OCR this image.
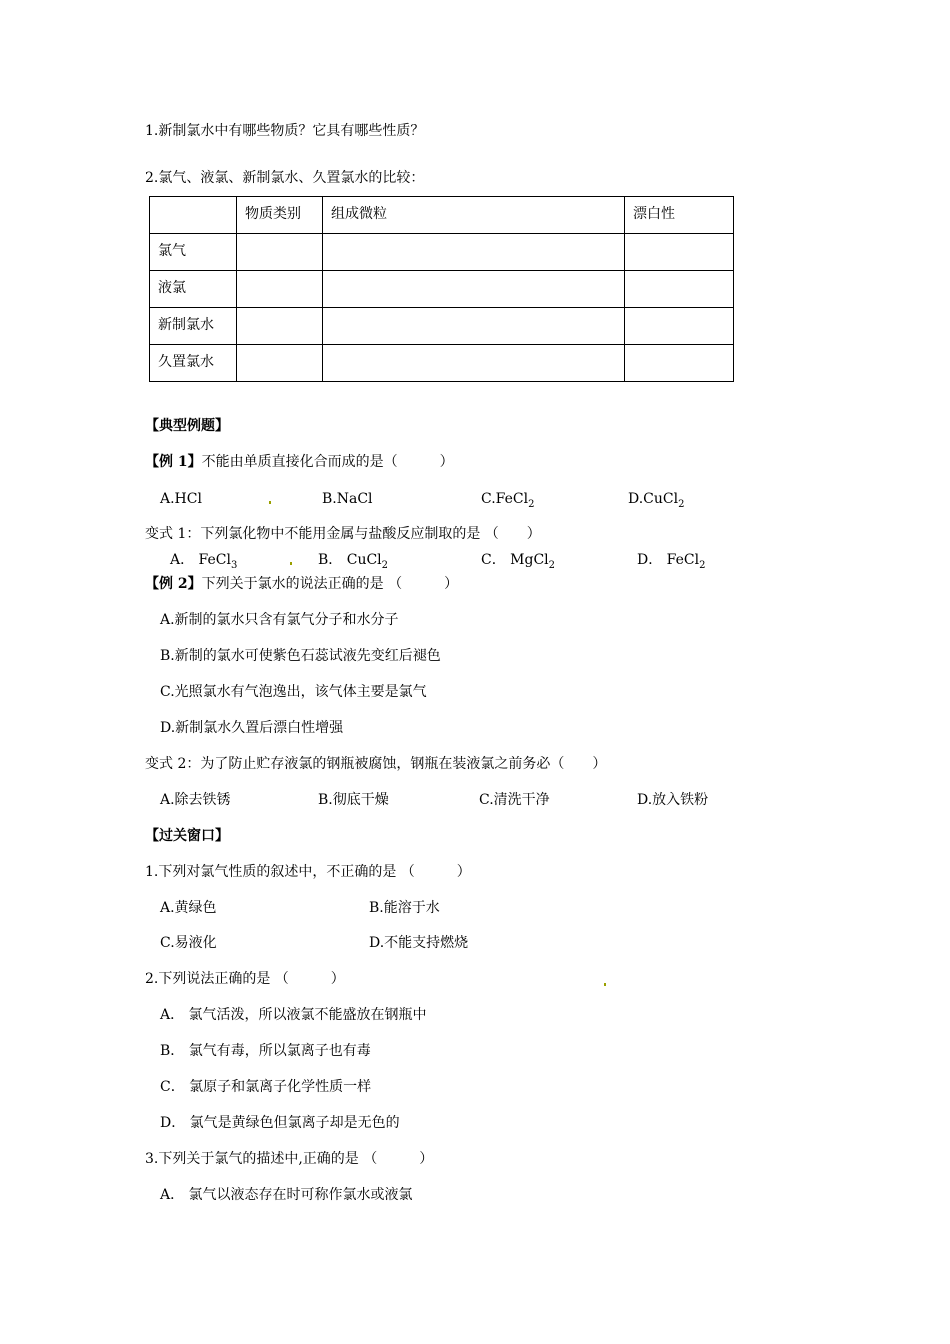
1.新制氯水中有哪些物质？它具有哪些性质？
2.氯气、液氯、新制氯水、久置氯水的比较：
	物质类别	组成微粒	漂白性
氯气			
液氯			
新制氯水			
久置氯水			
【典型例题】
【例 1】不能由单质直接化合而成的是（　　　）
A.HCl	B.NaCl	C.FeCl$_2$	D.CuCl$_2$
变式 1：下列氯化物中不能用金属与盐酸反应制取的是 （　　）
A． FeCl$_3$	B． CuCl$_2$	C． MgCl$_2$	D． FeCl$_2$
【例 2】下列关于氯水的说法正确的是 （　　　）
A.新制的氯水只含有氯气分子和水分子
B.新制的氯水可使紫色石蕊试液先变红后褪色
C.光照氯水有气泡逸出，该气体主要是氯气
D.新制氯水久置后漂白性增强
变式 2：为了防止贮存液氯的钢瓶被腐蚀，钢瓶在装液氯之前务必（　　）
A.除去铁锈	B.彻底干燥	C.清洗干净	D.放入铁粉
【过关窗口】
1.下列对氯气性质的叙述中，不正确的是 （　　　）
A.黄绿色	B.能溶于水
C.易液化	D.不能支持燃烧
2.下列说法正确的是 （　　　）
A． 氯气活泼，所以液氯不能盛放在钢瓶中
B． 氯气有毒，所以氯离子也有毒
C． 氯原子和氯离子化学性质一样
D． 氯气是黄绿色但氯离子却是无色的
3.下列关于氯气的描述中,正确的是 （　　　）
A． 氯气以液态存在时可称作氯水或液氯
